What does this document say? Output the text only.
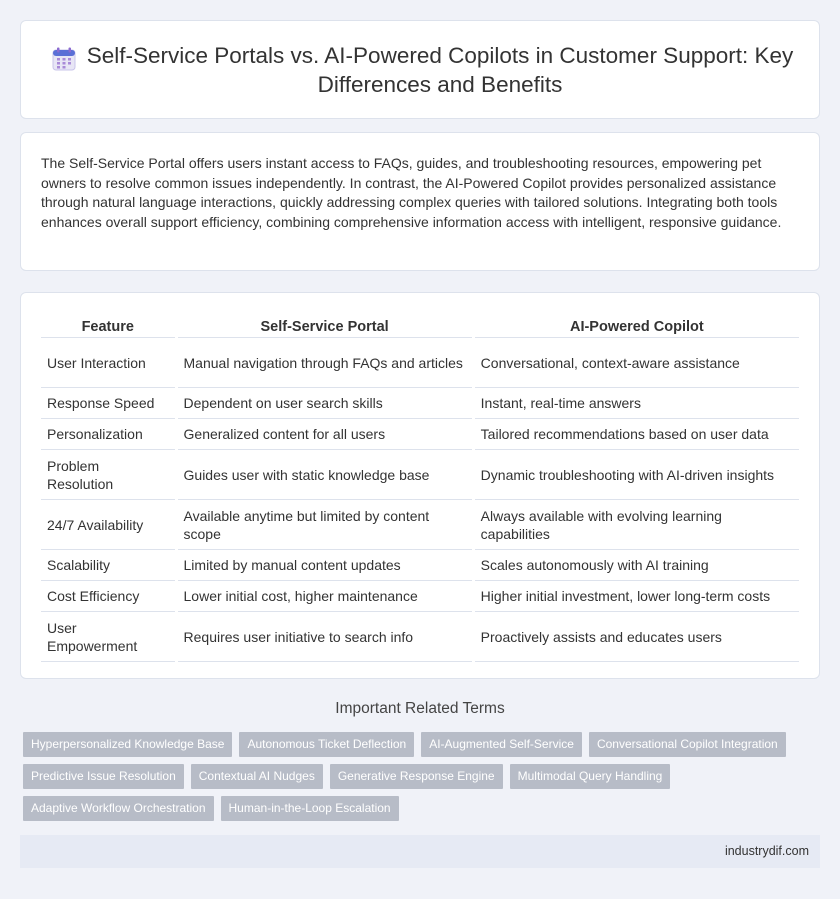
Self-Service Portals vs. AI-Powered Copilots in Customer Support: Key Differences and Benefits

The Self-Service Portal offers users instant access to FAQs, guides, and troubleshooting resources, empowering pet owners to resolve common issues independently. In contrast, the AI-Powered Copilot provides personalized assistance through natural language interactions, quickly addressing complex queries with tailored solutions. Integrating both tools enhances overall support efficiency, combining comprehensive information access with intelligent, responsive guidance.

Feature		Self-Service Portal		AI-Powered Copilot
User Interaction		Manual navigation through FAQs and articles		Conversational, context-aware assistance
Response Speed		Dependent on user search skills		Instant, real-time answers
Personalization		Generalized content for all users		Tailored recommendations based on user data
Problem Resolution		Guides user with static knowledge base		Dynamic troubleshooting with AI-driven insights
24/7 Availability		Available anytime but limited by content scope		Always available with evolving learning capabilities
Scalability		Limited by manual content updates		Scales autonomously with AI training
Cost Efficiency		Lower initial cost, higher maintenance		Higher initial investment, lower long-term costs
User Empowerment		Requires user initiative to search info		Proactively assists and educates users
Important Related Terms
Hyperpersonalized Knowledge Base	Autonomous Ticket Deflection	AI-Augmented Self-Service	Conversational Copilot Integration
Predictive Issue Resolution	Contextual AI Nudges	Generative Response Engine	Multimodal Query Handling
Adaptive Workflow Orchestration	Human-in-the-Loop Escalation
industrydif.com
